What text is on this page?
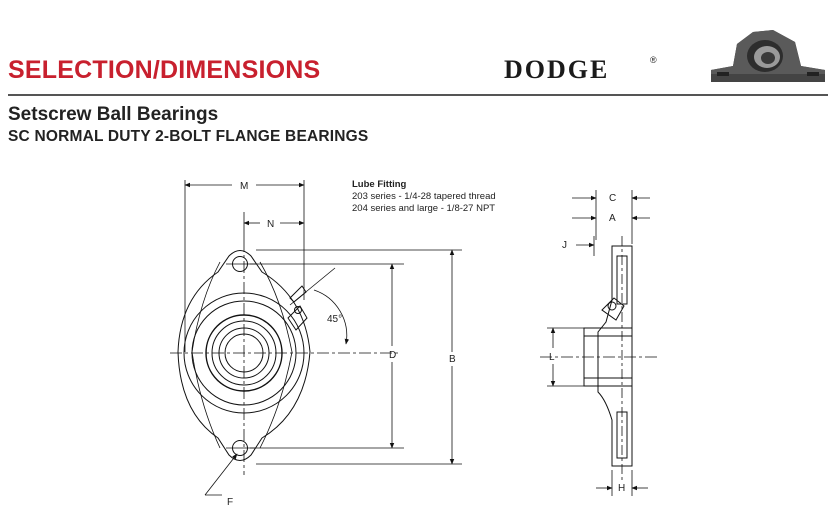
SELECTION/DIMENSIONS	DODGE	®
Setscrew Ball Bearings
SC NORMAL DUTY 2-BOLT FLANGE BEARINGS
Lube Fitting
203 series - 1/4-28 tapered thread
204 series and large - 1/8-27 NPT
M
N
45°
D	B
F
C
A
J
L
H
